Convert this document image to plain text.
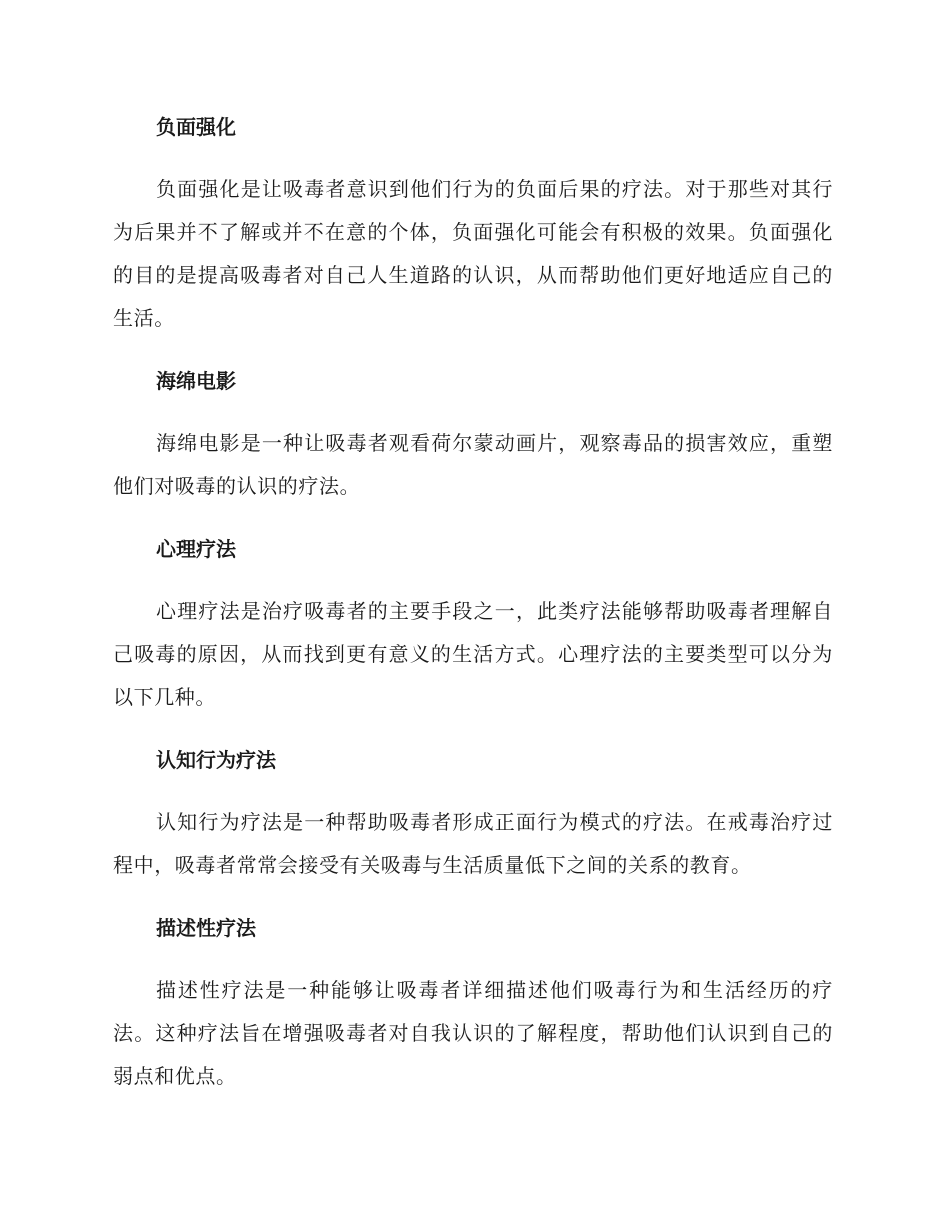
负面强化

负面强化是让吸毒者意识到他们行为的负面后果的疗法。对于那些对其行为后果并不了解或并不在意的个体，负面强化可能会有积极的效果。负面强化的目的是提高吸毒者对自己人生道路的认识，从而帮助他们更好地适应自己的生活。

海绵电影

海绵电影是一种让吸毒者观看荷尔蒙动画片，观察毒品的损害效应，重塑他们对吸毒的认识的疗法。

心理疗法

心理疗法是治疗吸毒者的主要手段之一，此类疗法能够帮助吸毒者理解自己吸毒的原因，从而找到更有意义的生活方式。心理疗法的主要类型可以分为以下几种。

认知行为疗法

认知行为疗法是一种帮助吸毒者形成正面行为模式的疗法。在戒毒治疗过程中，吸毒者常常会接受有关吸毒与生活质量低下之间的关系的教育。

描述性疗法

描述性疗法是一种能够让吸毒者详细描述他们吸毒行为和生活经历的疗法。这种疗法旨在增强吸毒者对自我认识的了解程度，帮助他们认识到自己的弱点和优点。
